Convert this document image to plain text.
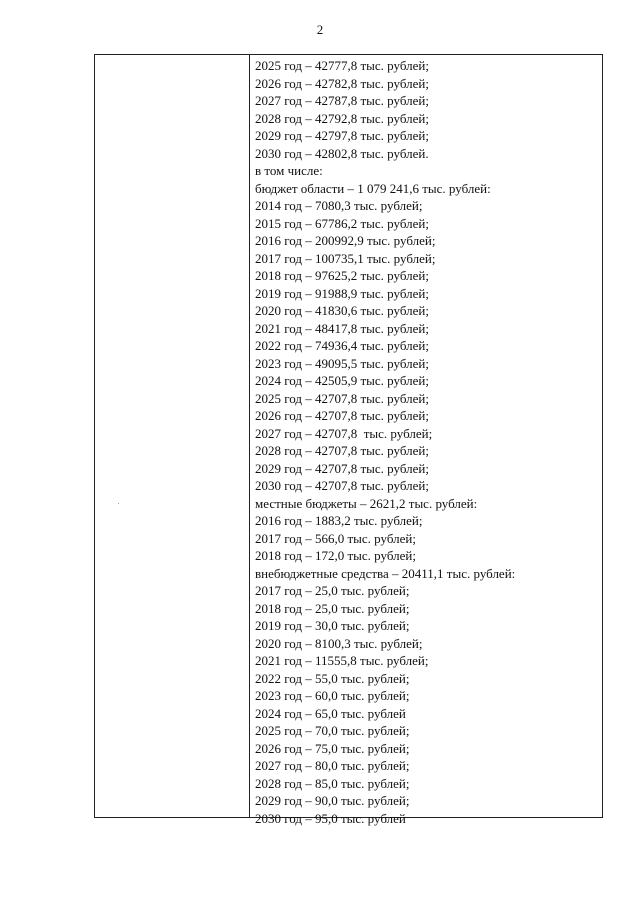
2
2025 год – 42777,8 тыс. рублей;
2026 год – 42782,8 тыс. рублей;
2027 год – 42787,8 тыс. рублей;
2028 год – 42792,8 тыс. рублей;
2029 год – 42797,8 тыс. рублей;
2030 год – 42802,8 тыс. рублей.
в том числе:
бюджет области – 1 079 241,6 тыс. рублей:
2014 год – 7080,3 тыс. рублей;
2015 год – 67786,2 тыс. рублей;
2016 год – 200992,9 тыс. рублей;
2017 год – 100735,1 тыс. рублей;
2018 год – 97625,2 тыс. рублей;
2019 год – 91988,9 тыс. рублей;
2020 год – 41830,6 тыс. рублей;
2021 год – 48417,8 тыс. рублей;
2022 год – 74936,4 тыс. рублей;
2023 год – 49095,5 тыс. рублей;
2024 год – 42505,9 тыс. рублей;
2025 год – 42707,8 тыс. рублей;
2026 год – 42707,8 тыс. рублей;
2027 год – 42707,8  тыс. рублей;
2028 год – 42707,8 тыс. рублей;
2029 год – 42707,8 тыс. рублей;
2030 год – 42707,8 тыс. рублей;
местные бюджеты – 2621,2 тыс. рублей:
2016 год – 1883,2 тыс. рублей;
2017 год – 566,0 тыс. рублей;
2018 год – 172,0 тыс. рублей;
внебюджетные средства – 20411,1 тыс. рублей:
2017 год – 25,0 тыс. рублей;
2018 год – 25,0 тыс. рублей;
2019 год – 30,0 тыс. рублей;
2020 год – 8100,3 тыс. рублей;
2021 год – 11555,8 тыс. рублей;
2022 год – 55,0 тыс. рублей;
2023 год – 60,0 тыс. рублей;
2024 год – 65,0 тыс. рублей
2025 год – 70,0 тыс. рублей;
2026 год – 75,0 тыс. рублей;
2027 год – 80,0 тыс. рублей;
2028 год – 85,0 тыс. рублей;
2029 год – 90,0 тыс. рублей;
2030 год – 95,0 тыс. рублей
